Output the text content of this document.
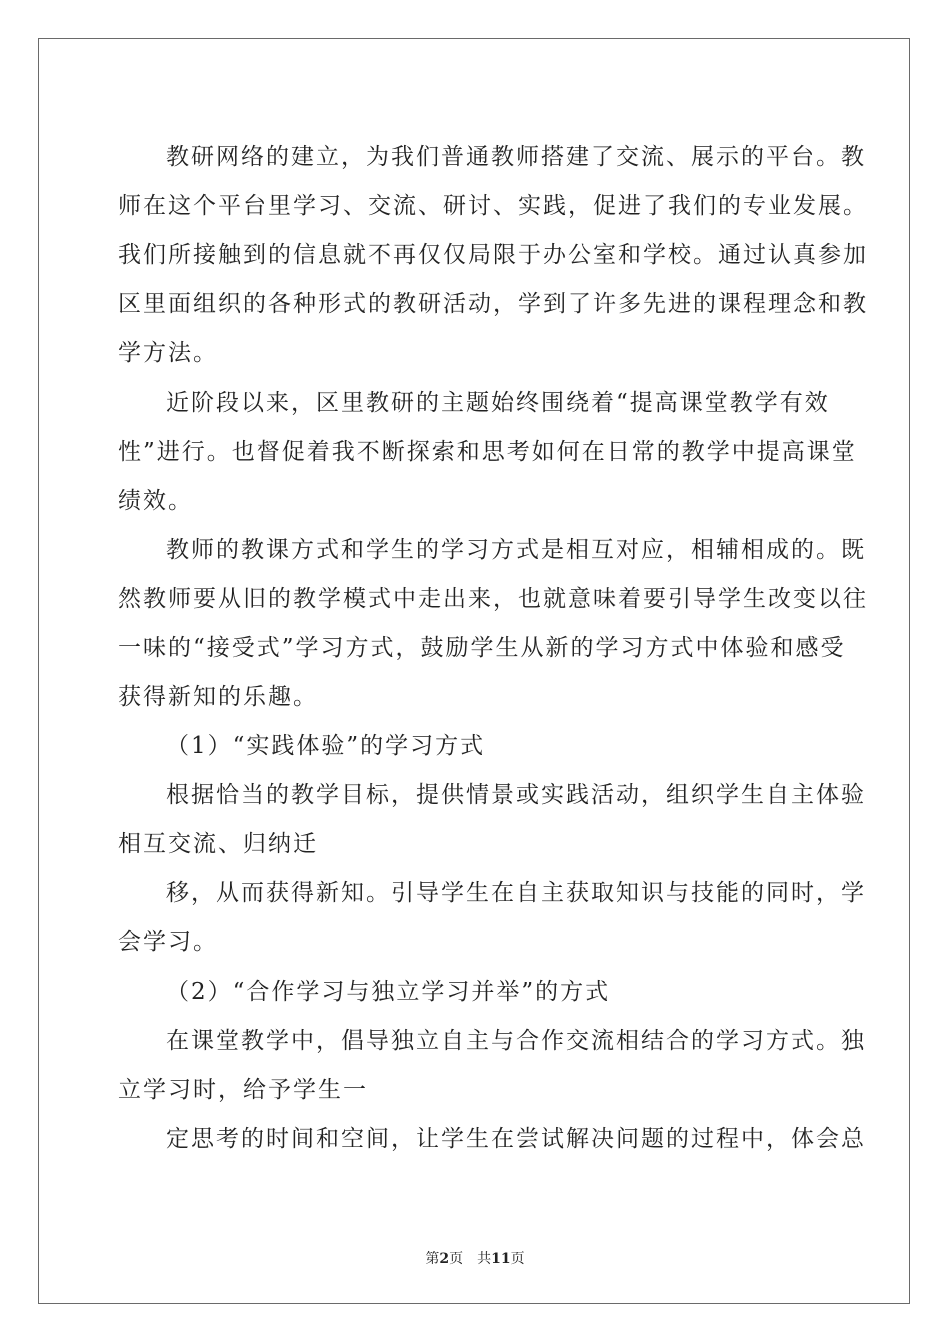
教研网络的建立，为我们普通教师搭建了交流、展示的平台。教
师在这个平台里学习、交流、研讨、实践，促进了我们的专业发展。
我们所接触到的信息就不再仅仅局限于办公室和学校。通过认真参加
区里面组织的各种形式的教研活动，学到了许多先进的课程理念和教
学方法。
近阶段以来，区里教研的主题始终围绕着“提高课堂教学有效
性”进行。也督促着我不断探索和思考如何在日常的教学中提高课堂
绩效。
教师的教课方式和学生的学习方式是相互对应，相辅相成的。既
然教师要从旧的教学模式中走出来，也就意味着要引导学生改变以往
一味的“接受式”学习方式，鼓励学生从新的学习方式中体验和感受
获得新知的乐趣。
（1）“实践体验”的学习方式
根据恰当的教学目标，提供情景或实践活动，组织学生自主体验
相互交流、归纳迁
移，从而获得新知。引导学生在自主获取知识与技能的同时，学
会学习。
（2）“合作学习与独立学习并举”的方式
在课堂教学中，倡导独立自主与合作交流相结合的学习方式。独
立学习时，给予学生一
定思考的时间和空间，让学生在尝试解决问题的过程中，体会总
第2页 共11页
